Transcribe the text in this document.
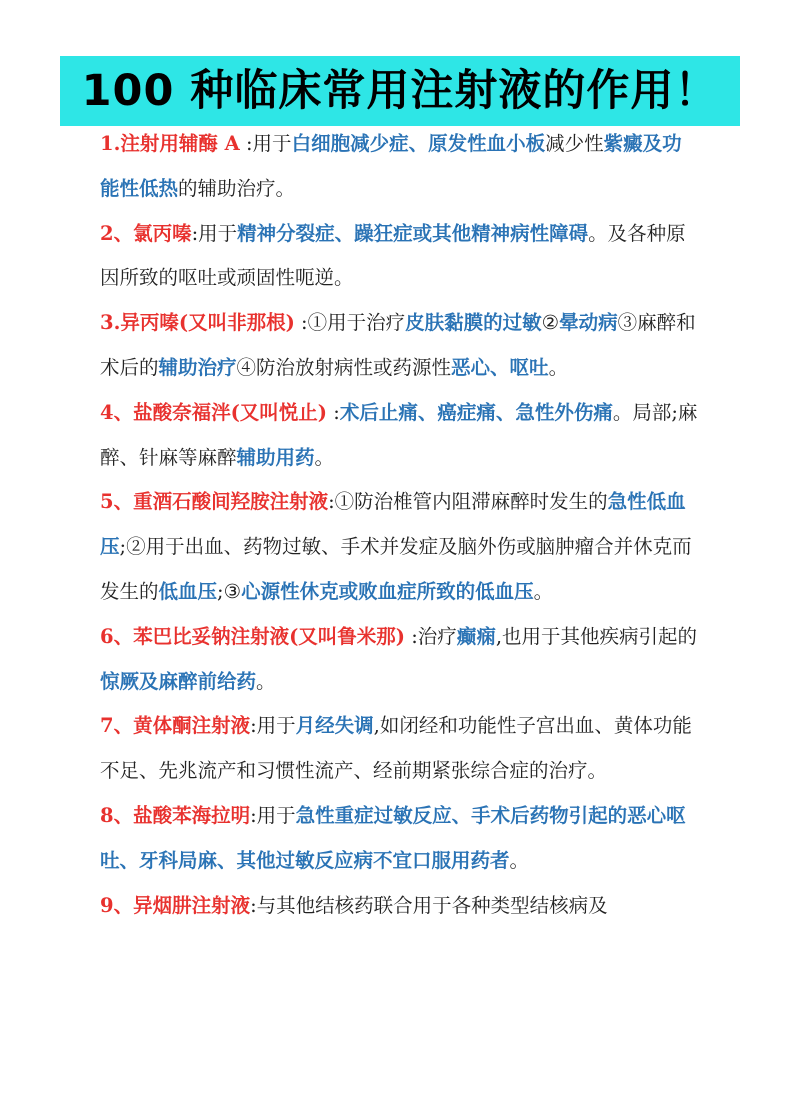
100 种临床常用注射液的作用！

1.注射用辅酶 A :用于白细胞减少症、原发性血小板减少性紫癜及功能性低热的辅助治疗。

2、氯丙嗪:用于精神分裂症、躁狂症或其他精神病性障碍。及各种原因所致的呕吐或顽固性呃逆。

3.异丙嗪(又叫非那根) :①用于治疗皮肤黏膜的过敏②晕动病③麻醉和术后的辅助治疗④防治放射病性或药源性恶心、呕吐。

4、盐酸奈福泮(又叫悦止) :术后止痛、癌症痛、急性外伤痛。局部;麻醉、针麻等麻醉辅助用药。

5、重酒石酸间羟胺注射液:①防治椎管内阻滞麻醉时发生的急性低血压;②用于出血、药物过敏、手术并发症及脑外伤或脑肿瘤合并休克而发生的低血压;③心源性休克或败血症所致的低血压。

6、苯巴比妥钠注射液(又叫鲁米那) :治疗癫痫,也用于其他疾病引起的惊厥及麻醉前给药。

7、黄体酮注射液:用于月经失调,如闭经和功能性子宫出血、黄体功能不足、先兆流产和习惯性流产、经前期紧张综合症的治疗。

8、盐酸苯海拉明:用于急性重症过敏反应、手术后药物引起的恶心呕吐、牙科局麻、其他过敏反应病不宜口服用药者。

9、异烟肼注射液:与其他结核药联合用于各种类型结核病及
